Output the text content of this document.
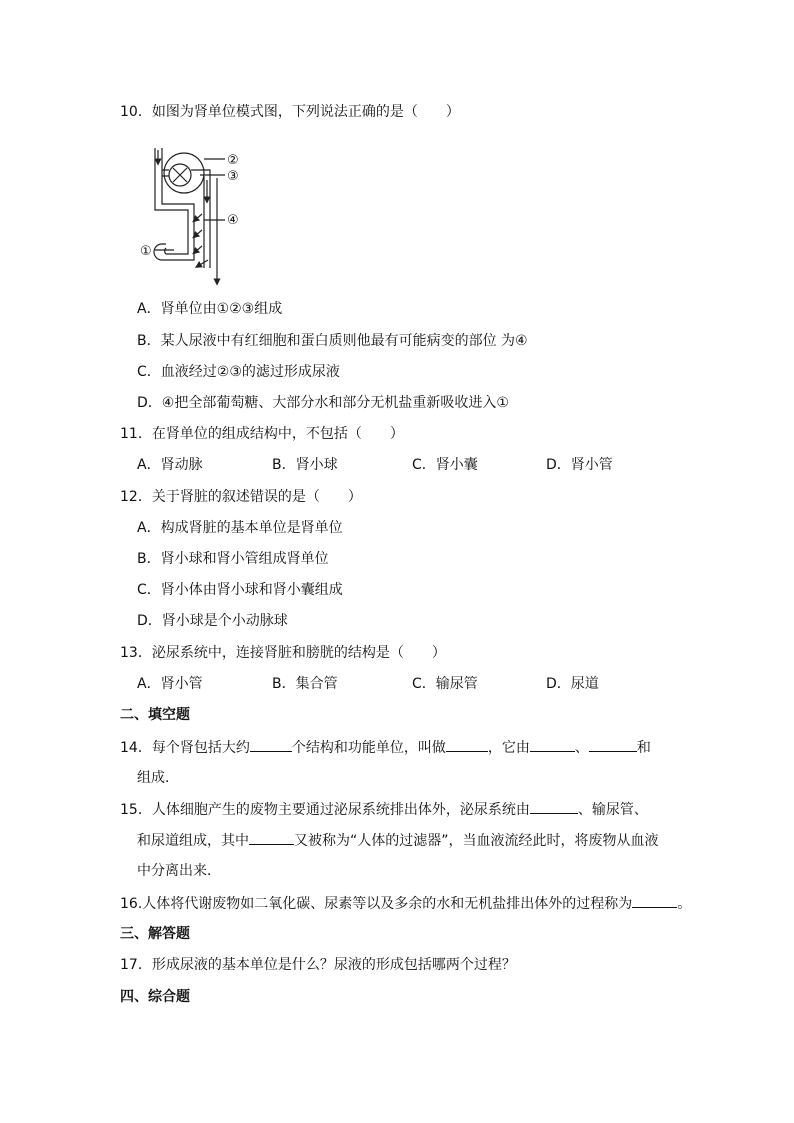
10．如图为肾单位模式图，下列说法正确的是（　　）
②
③
④
①
A．肾单位由①②③组成
B．某人尿液中有红细胞和蛋白质则他最有可能病变的部位 为④
C．血液经过②③的滤过形成尿液
D．④把全部葡萄糖、大部分水和部分无机盐重新吸收进入①
11．在肾单位的组成结构中，不包括（　　）
A．肾动脉	B．肾小球	C．肾小囊	D．肾小管
12．关于肾脏的叙述错误的是（　　）
A．构成肾脏的基本单位是肾单位
B．肾小球和肾小管组成肾单位
C．肾小体由肾小球和肾小囊组成
D．肾小球是个小动脉球
13．泌尿系统中，连接肾脏和膀胱的结构是（　　）
A．肾小管	B．集合管	C．输尿管	D．尿道
二、填空题
14．每个肾包括大约	个结构和功能单位，叫做	，它由	、	和
组成．
15．人体细胞产生的废物主要通过泌尿系统排出体外，泌尿系统由	、输尿管、
和尿道组成，其中	又被称为“人体的过滤器”，当血液流经此时，将废物从血液
中分离出来．
16.人体将代谢废物如二氧化碳、尿素等以及多余的水和无机盐排出体外的过程称为	。
三、解答题
17．形成尿液的基本单位是什么？尿液的形成包括哪两个过程？
四、综合题
